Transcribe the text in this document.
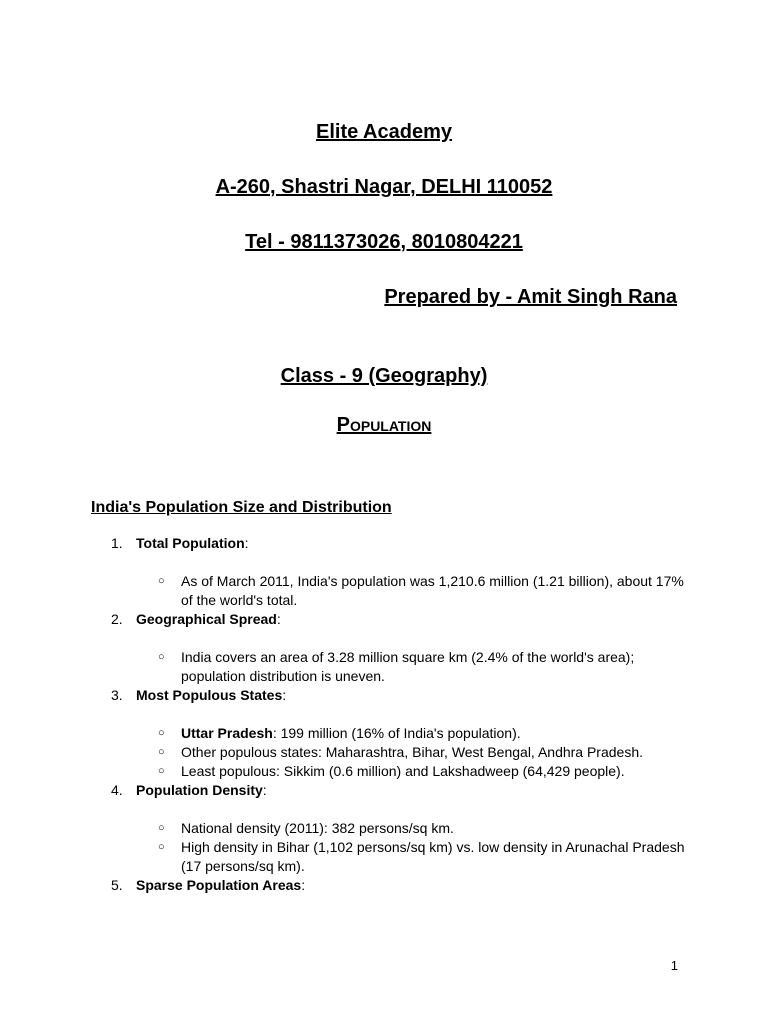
Elite Academy

A-260, Shastri Nagar, DELHI 110052

Tel - 9811373026, 8010804221

Prepared by - Amit Singh Rana

Class - 9 (Geography)

Population

India's Population Size and Distribution

1. Total Population:
○ As of March 2011, India's population was 1,210.6 million (1.21 billion), about 17% of the world's total.
2. Geographical Spread:
○ India covers an area of 3.28 million square km (2.4% of the world's area); population distribution is uneven.
3. Most Populous States:
○ Uttar Pradesh: 199 million (16% of India's population).
○ Other populous states: Maharashtra, Bihar, West Bengal, Andhra Pradesh.
○ Least populous: Sikkim (0.6 million) and Lakshadweep (64,429 people).
4. Population Density:
○ National density (2011): 382 persons/sq km.
○ High density in Bihar (1,102 persons/sq km) vs. low density in Arunachal Pradesh (17 persons/sq km).
5. Sparse Population Areas:
1
